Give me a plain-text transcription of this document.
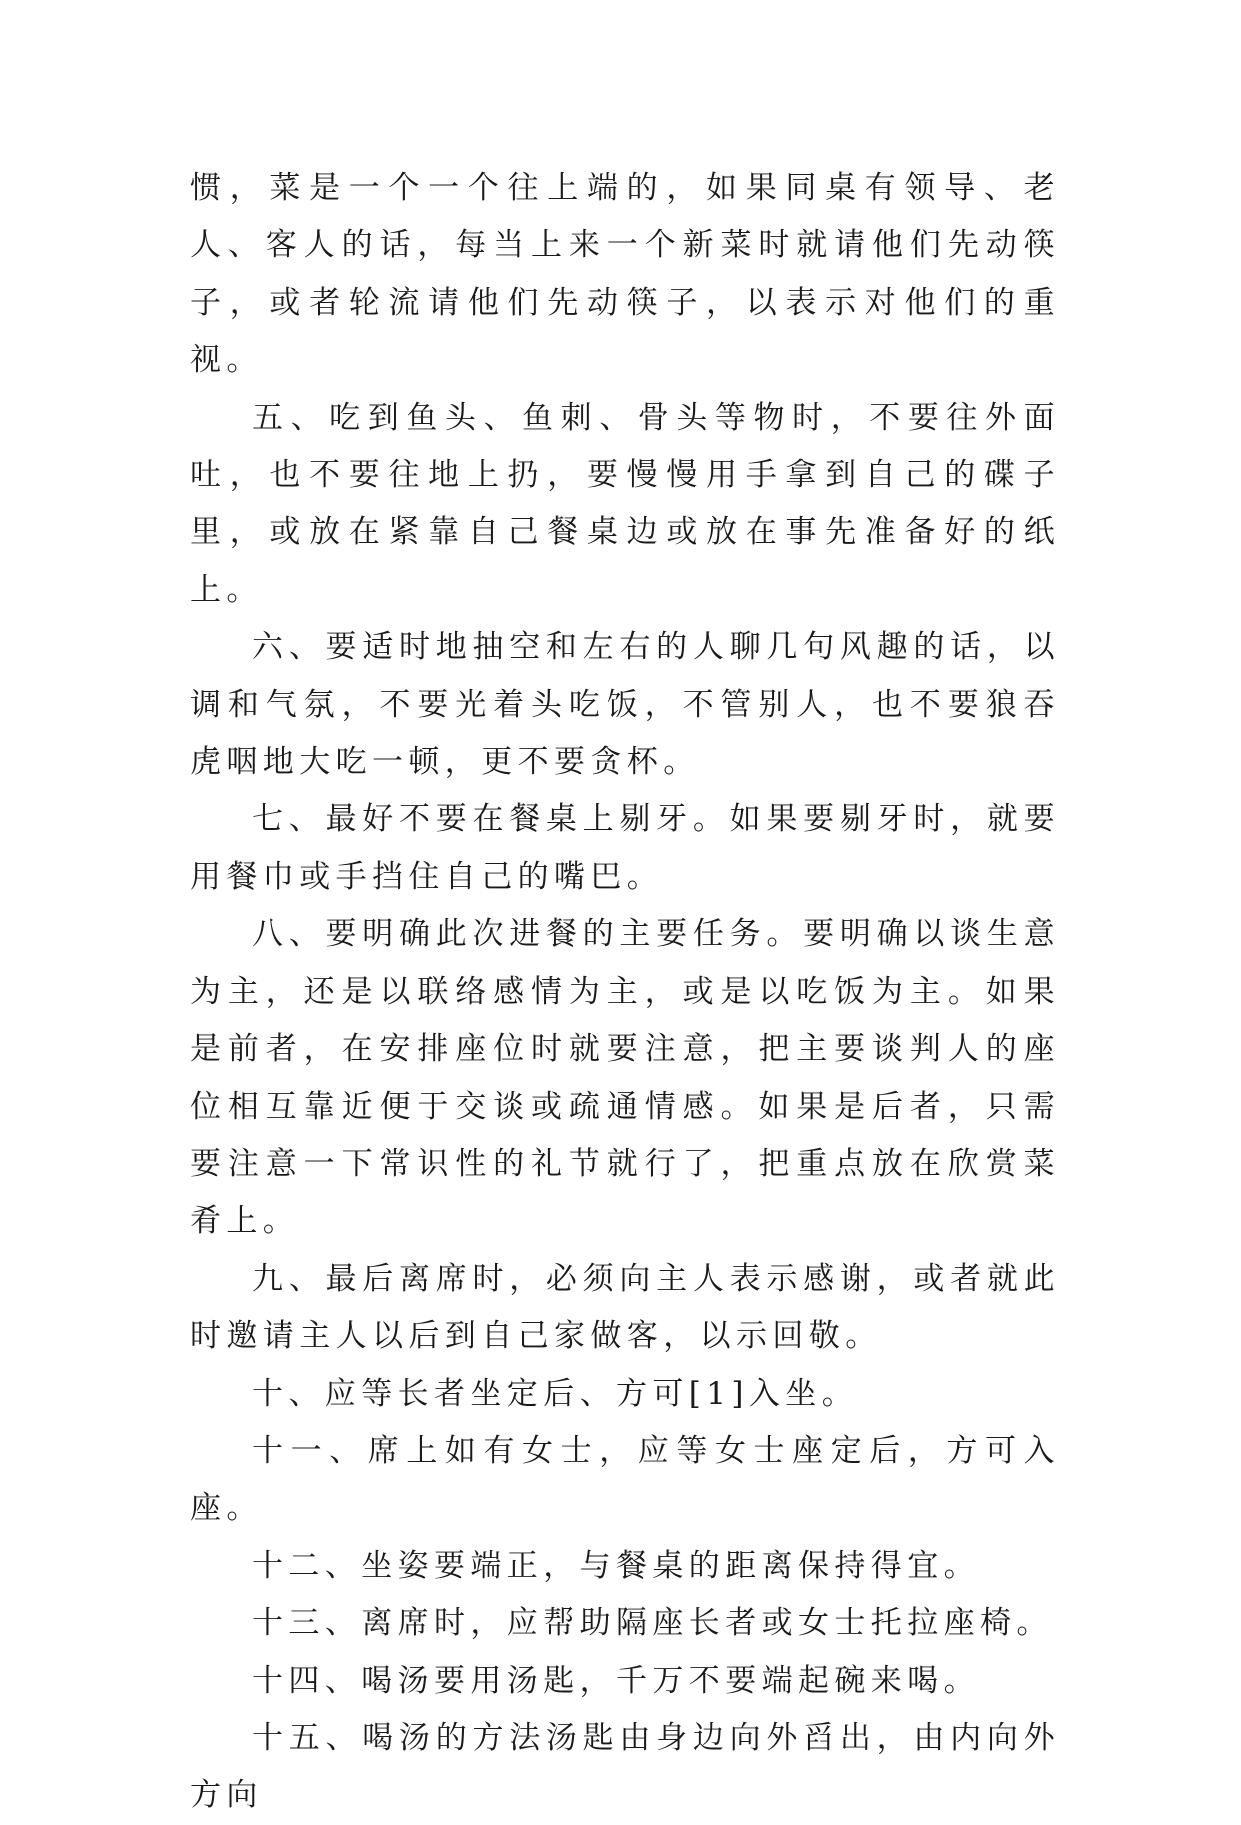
惯，菜是一个一个往上端的，如果同桌有领导、老人、客人的话，每当上来一个新菜时就请他们先动筷子，或者轮流请他们先动筷子，以表示对他们的重视。

五、吃到鱼头、鱼刺、骨头等物时，不要往外面吐，也不要往地上扔，要慢慢用手拿到自己的碟子里，或放在紧靠自己餐桌边或放在事先准备好的纸上。

六、要适时地抽空和左右的人聊几句风趣的话，以调和气氛，不要光着头吃饭，不管别人，也不要狼吞虎咽地大吃一顿，更不要贪杯。

七、最好不要在餐桌上剔牙。如果要剔牙时，就要用餐巾或手挡住自己的嘴巴。

八、要明确此次进餐的主要任务。要明确以谈生意为主，还是以联络感情为主，或是以吃饭为主。如果是前者，在安排座位时就要注意，把主要谈判人的座位相互靠近便于交谈或疏通情感。如果是后者，只需要注意一下常识性的礼节就行了，把重点放在欣赏菜肴上。

九、最后离席时，必须向主人表示感谢，或者就此时邀请主人以后到自己家做客，以示回敬。

十、应等长者坐定后、方可[1]入坐。

十一、席上如有女士，应等女士座定后，方可入座。

十二、坐姿要端正，与餐桌的距离保持得宜。

十三、离席时，应帮助隔座长者或女士托拉座椅。

十四、喝汤要用汤匙，千万不要端起碗来喝。

十五、喝汤的方法汤匙由身边向外舀出，由内向外方向
